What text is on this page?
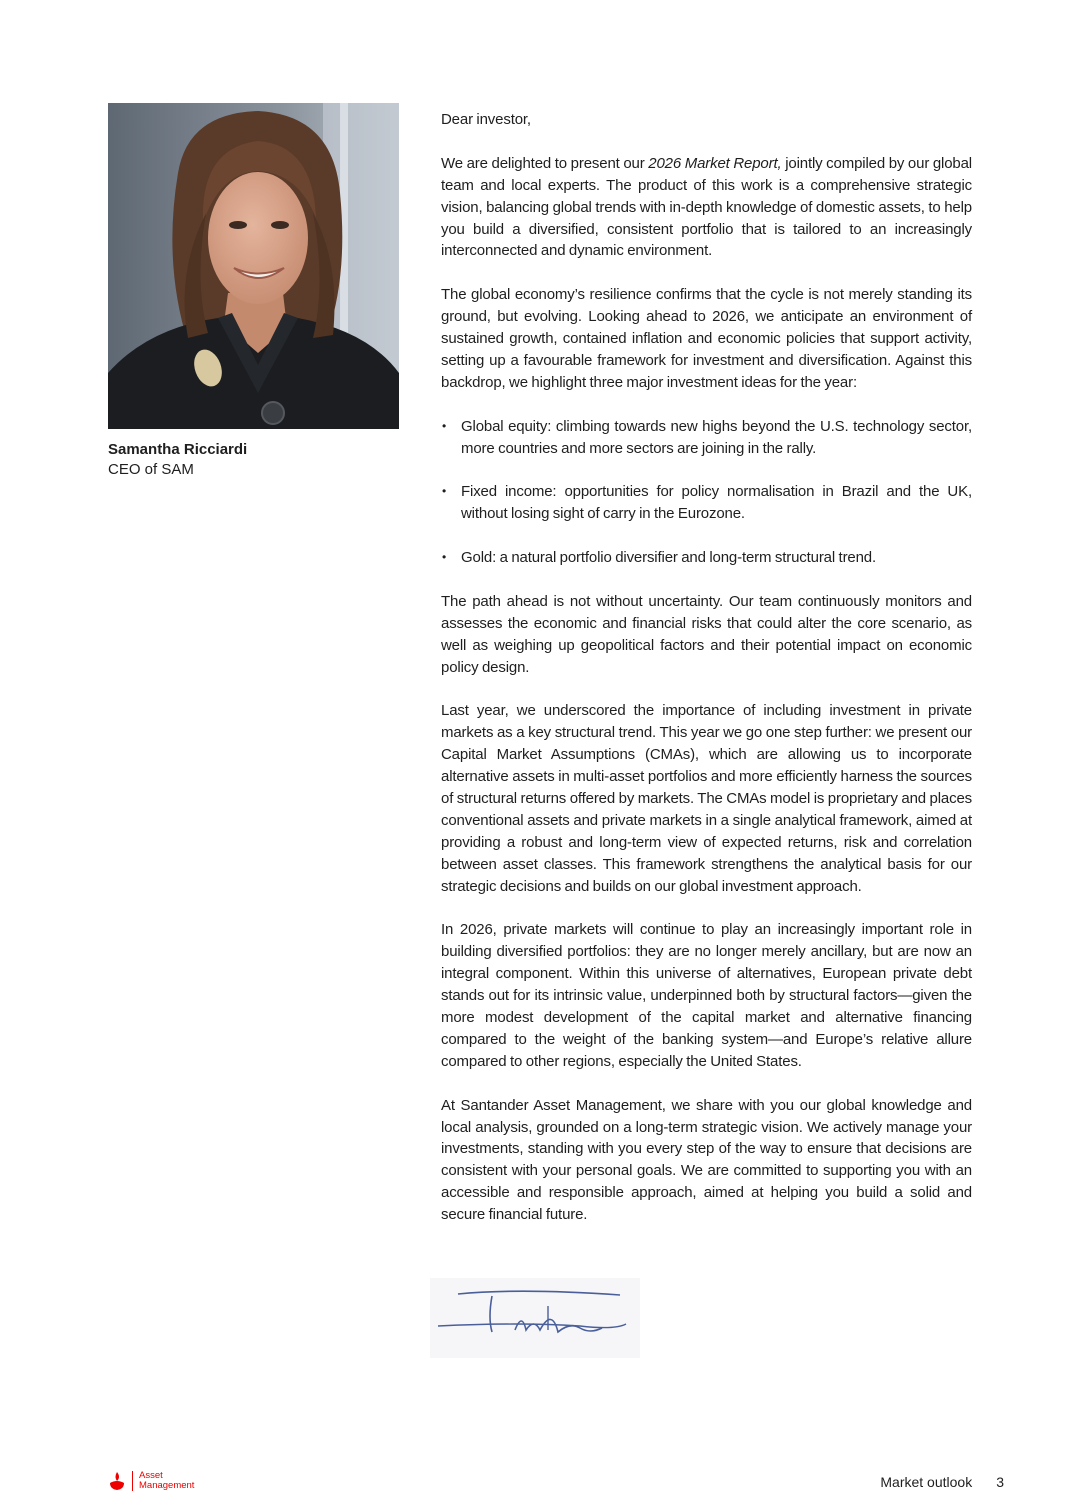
Samantha Ricciardi
CEO of SAM

Dear investor,

We are delighted to present our 2026 Market Report, jointly compiled by our global team and local experts. The product of this work is a comprehensive strategic vision, balancing global trends with in-depth knowledge of domestic assets, to help you build a diversified, consistent portfolio that is tailored to an increasingly interconnected and dynamic environment.

The global economy’s resilience confirms that the cycle is not merely standing its ground, but evolving. Looking ahead to 2026, we anticipate an environment of sustained growth, contained inflation and economic policies that support activity, setting up a favourable framework for investment and diversification. Against this backdrop, we highlight three major investment ideas for the year:

• Global equity: climbing towards new highs beyond the U.S. technology sector, more countries and more sectors are joining in the rally.
• Fixed income: opportunities for policy normalisation in Brazil and the UK, without losing sight of carry in the Eurozone.
• Gold: a natural portfolio diversifier and long-term structural trend.

The path ahead is not without uncertainty. Our team continuously monitors and assesses the economic and financial risks that could alter the core scenario, as well as weighing up geopolitical factors and their potential impact on economic policy design.

Last year, we underscored the importance of including investment in private markets as a key structural trend. This year we go one step further: we present our Capital Market Assumptions (CMAs), which are allowing us to incorporate alternative assets in multi-asset portfolios and more efficiently harness the sources of structural returns offered by markets. The CMAs model is proprietary and places conventional assets and private markets in a single analytical framework, aimed at providing a robust and long-term view of expected returns, risk and correlation between asset classes. This framework strengthens the analytical basis for our strategic decisions and builds on our global investment approach.

In 2026, private markets will continue to play an increasingly important role in building diversified portfolios: they are no longer merely ancillary, but are now an integral component. Within this universe of alternatives, European private debt stands out for its intrinsic value, underpinned both by structural factors—given the more modest development of the capital market and alternative financing compared to the weight of the banking system—and Europe’s relative allure compared to other regions, especially the United States.

At Santander Asset Management, we share with you our global knowledge and local analysis, grounded on a long-term strategic vision. We actively manage your investments, standing with you every step of the way to ensure that decisions are consistent with your personal goals. We are committed to supporting you with an accessible and responsible approach, aimed at helping you build a solid and secure financial future.

Asset
Management	Market outlook 3
